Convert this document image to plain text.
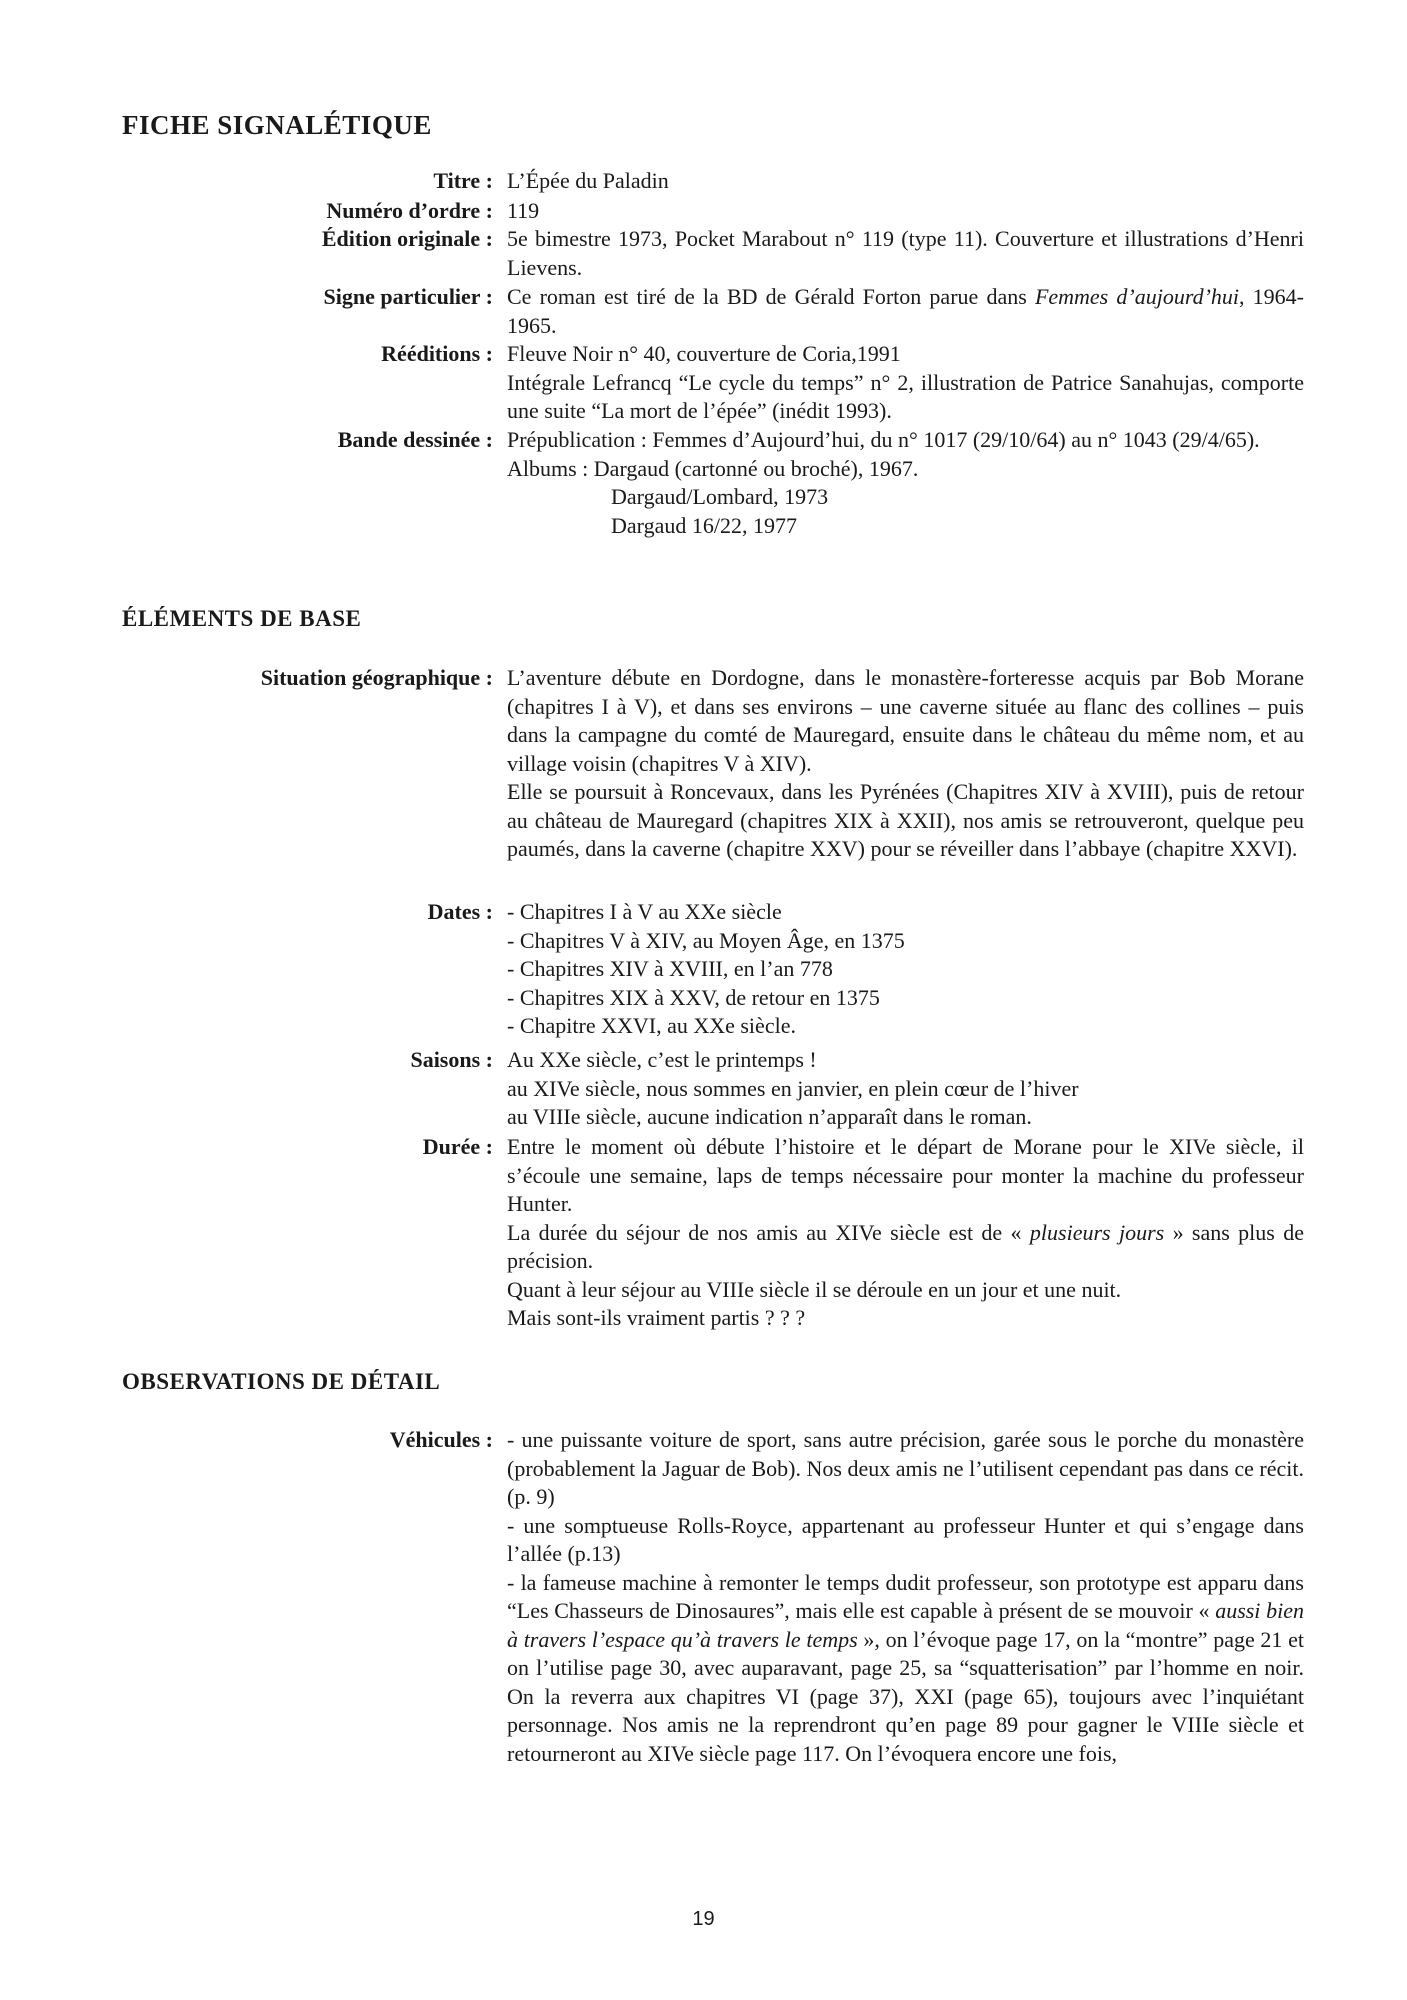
FICHE SIGNALÉTIQUE
Titre : L’Épée du Paladin
Numéro d’ordre : 119
Édition originale : 5e bimestre 1973, Pocket Marabout n° 119 (type 11). Couverture et illustrations d’Henri Lievens.
Signe particulier : Ce roman est tiré de la BD de Gérald Forton parue dans Femmes d’aujourd’hui, 1964-1965.
Rééditions : Fleuve Noir n° 40, couverture de Coria,1991

Intégrale Lefrancq “Le cycle du temps” n° 2, illustration de Patrice Sanahujas, comporte une suite “La mort de l’épée” (inédit 1993).

Bande dessinée : Prépublication : Femmes d’Aujourd’hui, du n° 1017 (29/10/64) au n° 1043 (29/4/65).

Albums : Dargaud (cartonné ou broché), 1967.

Dargaud/Lombard, 1973

Dargaud 16/22, 1977

ÉLÉMENTS DE BASE
Situation géographique : L’aventure débute en Dordogne, dans le monastère-forteresse acquis par Bob Morane (chapitres I à V), et dans ses environs – une caverne située au flanc des collines – puis dans la campagne du comté de Mauregard, ensuite dans le château du même nom, et au village voisin (chapitres V à XIV).

Elle se poursuit à Roncevaux, dans les Pyrénées (Chapitres XIV à XVIII), puis de retour au château de Mauregard (chapitres XIX à XXII), nos amis se retrouveront, quelque peu paumés, dans la caverne (chapitre XXV) pour se réveiller dans l’abbaye (chapitre XXVI).

Dates : - Chapitres I à V au XXe siècle

- Chapitres V à XIV, au Moyen Âge, en 1375

- Chapitres XIV à XVIII, en l’an 778

- Chapitres XIX à XXV, de retour en 1375

- Chapitre XXVI, au XXe siècle.

Saisons : Au XXe siècle, c’est le printemps !

au XIVe siècle, nous sommes en janvier, en plein cœur de l’hiver

au VIIIe siècle, aucune indication n’apparaît dans le roman.

Durée : Entre le moment où débute l’histoire et le départ de Morane pour le XIVe siècle, il s’écoule une semaine, laps de temps nécessaire pour monter la machine du professeur Hunter.

La durée du séjour de nos amis au XIVe siècle est de « plusieurs jours » sans plus de précision.

Quant à leur séjour au VIIIe siècle il se déroule en un jour et une nuit.

Mais sont-ils vraiment partis ? ? ?

OBSERVATIONS DE DÉTAIL
Véhicules : - une puissante voiture de sport, sans autre précision, garée sous le porche du monastère (probablement la Jaguar de Bob). Nos deux amis ne l’utilisent cependant pas dans ce récit. (p. 9)

- une somptueuse Rolls-Royce, appartenant au professeur Hunter et qui s’engage dans l’allée (p.13)

- la fameuse machine à remonter le temps dudit professeur, son prototype est apparu dans “Les Chasseurs de Dinosaures”, mais elle est capable à présent de se mouvoir « aussi bien à travers l’espace qu’à travers le temps », on l’évoque page 17, on la “montre” page 21 et on l’utilise page 30, avec auparavant, page 25, sa “squatterisation” par l’homme en noir. On la reverra aux chapitres VI (page 37), XXI (page 65), toujours avec l’inquiétant personnage. Nos amis ne la reprendront qu’en page 89 pour gagner le VIIIe siècle et retourneront au XIVe siècle page 117. On l’évoquera encore une fois,

19
